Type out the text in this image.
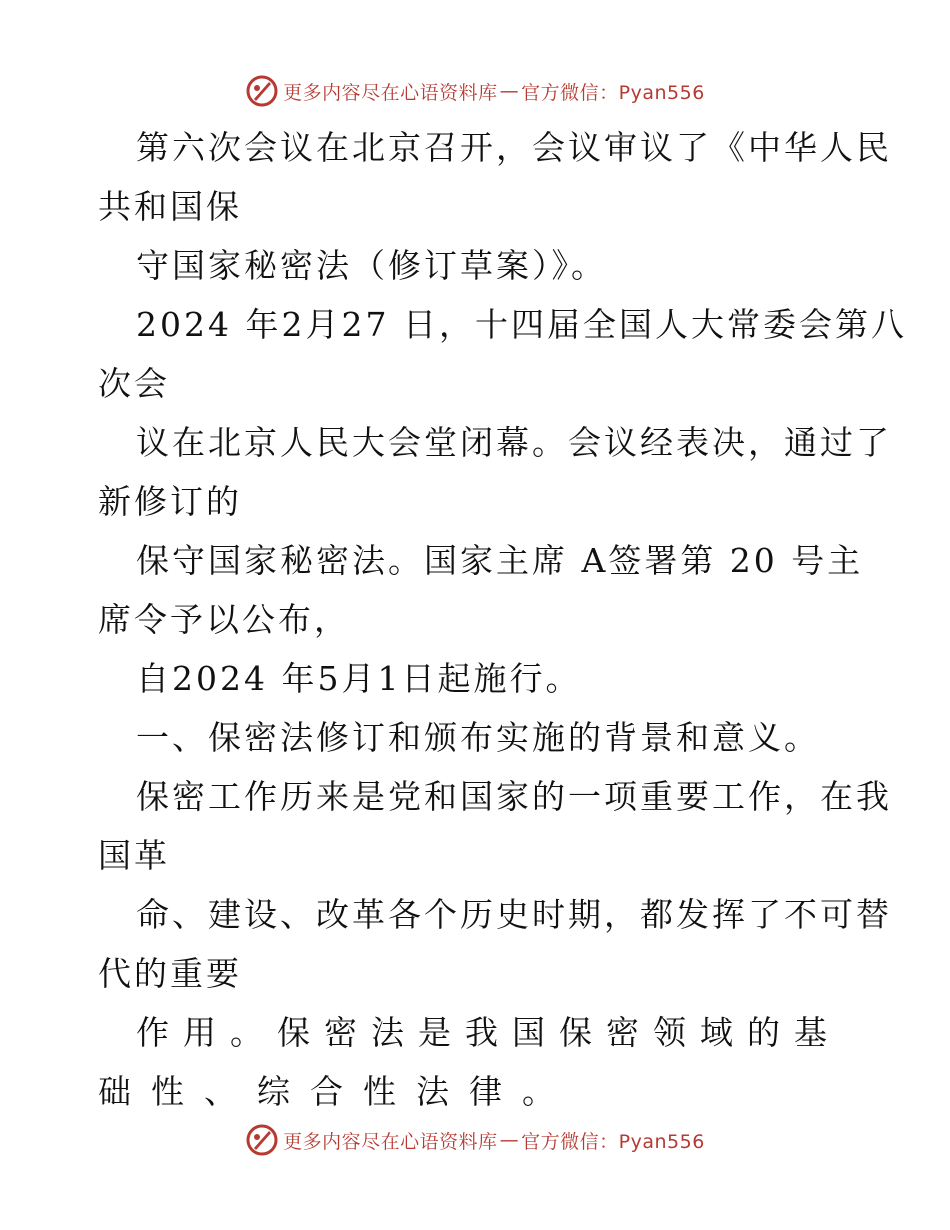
更多内容尽在心语资料库 — 官方微信：Pyan556
第六次会议在北京召开，会议审议了《中华人民
共和国保
守国家秘密法（修订草案）》。
2024 年2月27 日，十四届全国人大常委会第八
次会
议在北京人民大会堂闭幕。会议经表决，通过了
新修订的
保守国家秘密法。国家主席 A签署第 20 号主
席令予以公布，
自2024 年5月1日起施行。
一、保密法修订和颁布实施的背景和意义。
保密工作历来是党和国家的一项重要工作，在我
国革
命、建设、改革各个历史时期，都发挥了不可替
代的重要
作用。保密法是我国保密领域的基
础性、综合性法律。
更多内容尽在心语资料库 — 官方微信：Pyan556
